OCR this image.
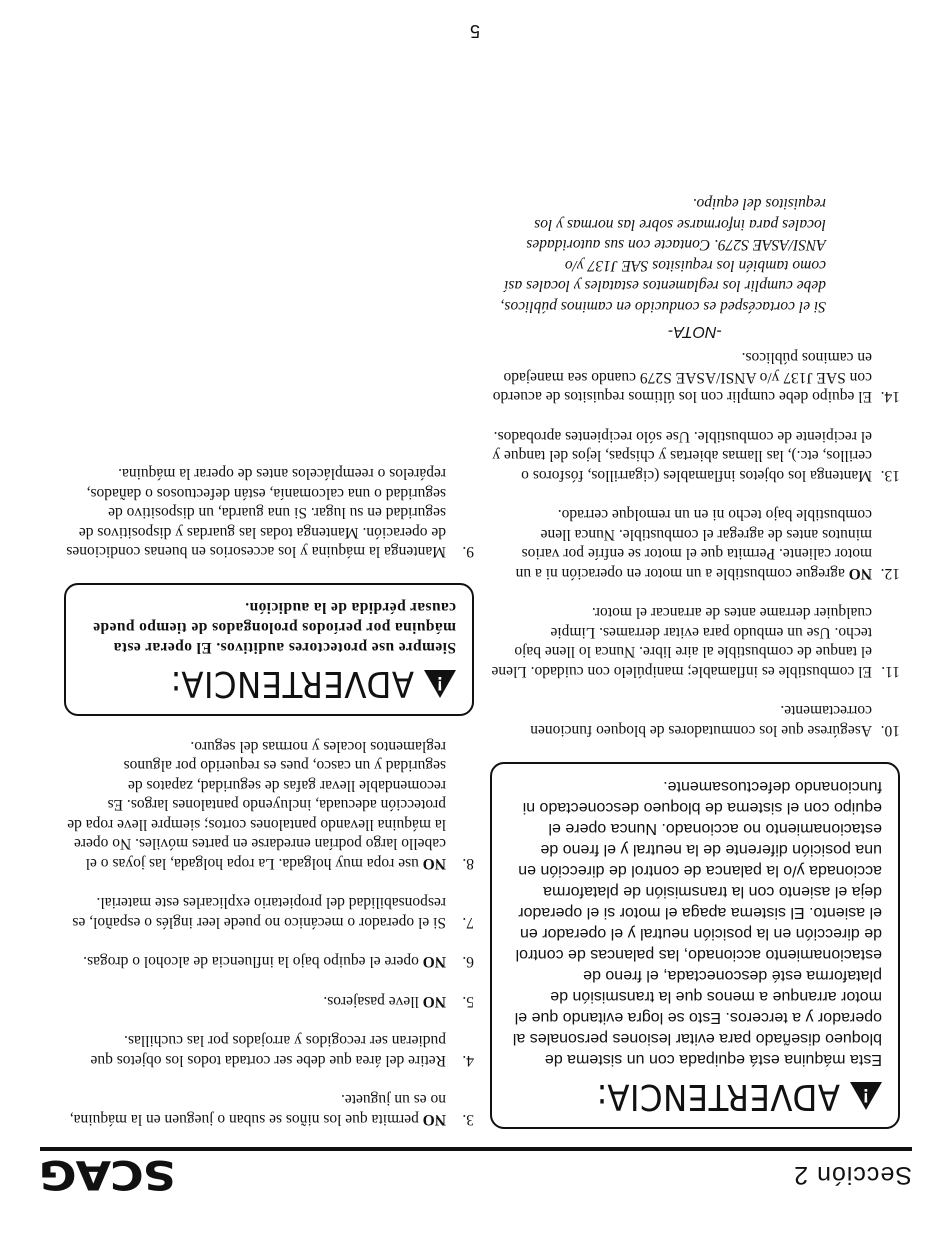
Sección 2
SCAG
!
ADVERTENCIA:
Esta máquina está equipada con un sistema de bloqueo diseñado para evitar lesiones personales al operador y a terceros. Esto se logra evitando que el motor arranque a menos que la transmisión de plataforma esté desconectada, el freno de estacionamiento accionado, las palancas de control de dirección en la posición neutral y el operador en el asiento. El sistema apaga el motor si el operador deja el asiento con la transmisión de plataforma accionada y/o la palanca de control de dirección en una posición diferente de la neutral y el freno de estacionamiento no accionado. Nunca opere el equipo con el sistema de bloqueo desconectado ni funcionando defectuosamente.
10.
Asegúrese que los conmutadores de bloqueo funcionen correctamente.
11.
El combustible es inflamable; manipúlelo con cuidado. Llene el tanque de combustible al aire libre. Nunca lo llene bajo techo. Use un embudo para evitar derrames. Limpie cualquier derrame antes de arrancar el motor.
12.
NO agregue combustible a un motor en operación ni a un motor caliente. Permita que el motor se enfríe por varios minutos antes de agregar el combustible. Nunca llene combustible bajo techo ni en un remolque cerrado.
13.
Mantenga los objetos inflamables (cigarrillos, fósforos o cerillos, etc.), las llamas abiertas y chispas, lejos del tanque y el recipiente de combustible. Use sólo recipientes aprobados.
14.
El equipo debe cumplir con los últimos requisitos de acuerdo con SAE J137 y/o ANSI/ASAE S279 cuando sea manejado en caminos públicos.
-NOTA-
Si el cortacésped es conducido en caminos públicos, debe cumplir los reglamentos estatales y locales así como también los requisitos SAE J137 y/o ANSI/ASAE S279. Contacte con sus autoridades locales para informarse sobre las normas y los requisitos del equipo.
3.
NO permita que los niños se suban o jueguen en la máquina, no es un juguete.
4.
Retire del área que debe ser cortada todos los objetos que pudieran ser recogidos y arrojados por las cuchillas.
5.
NO lleve pasajeros.
6.
NO opere el equipo bajo la influencia de alcohol o drogas.
7.
Si el operador o mecánico no puede leer inglés o español, es responsabilidad del propietario explicarles este material.
8.
NO use ropa muy holgada. La ropa holgada, las joyas o el cabello largo podrían enredarse en partes móviles. No opere la máquina llevando pantalones cortos; siempre lleve ropa de protección adecuada, incluyendo pantalones largos. Es recomendable llevar gafas de seguridad, zapatos de seguridad y un casco, pues es requerido por algunos reglamentos locales y normas del seguro.
!
ADVERTENCIA:
Siempre use protectores auditivos. El operar esta máquina por períodos prolongados de tiempo puede causar pérdida de la audición.
9.
Mantenga la máquina y los accesorios en buenas condiciones de operación. Mantenga todas las guardas y dispositivos de seguridad en su lugar. Si una guarda, un dispositivo de seguridad o una calcomanía, están defectuosos o dañados, repárelos o reemplácelos antes de operar la máquina.
5
